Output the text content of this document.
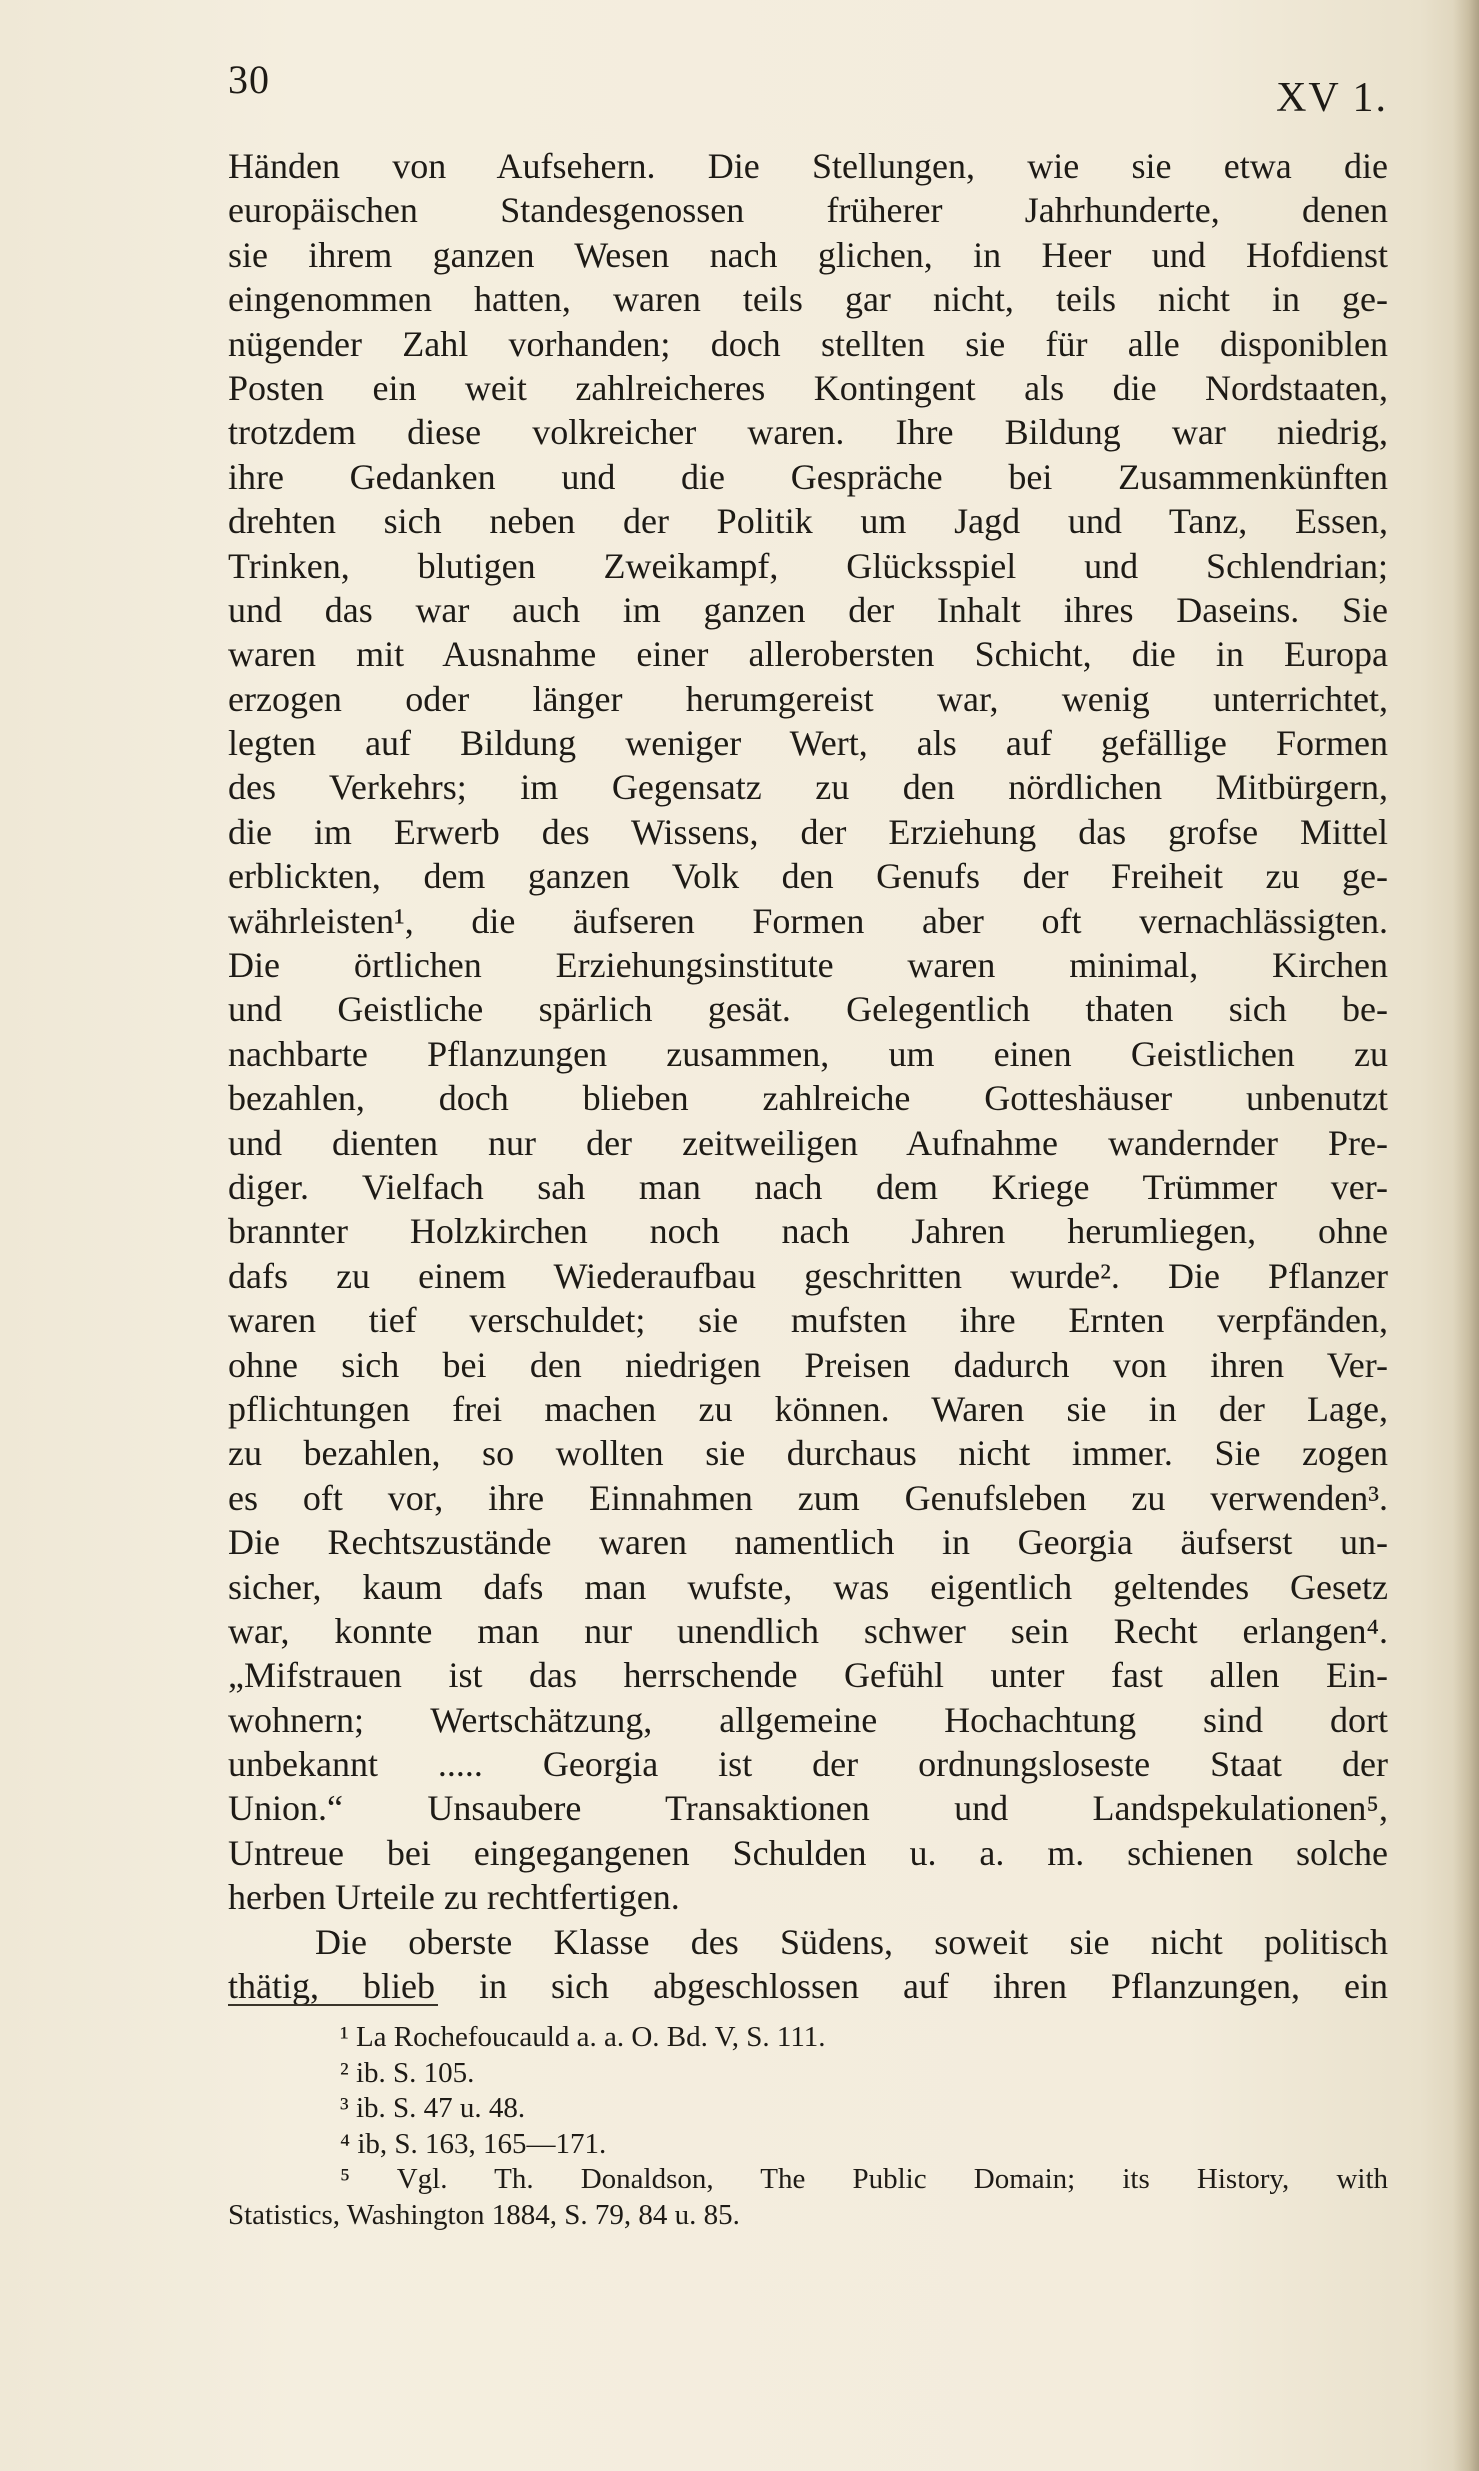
30	XV 1.
Händen von Aufsehern. Die Stellungen, wie sie etwa die
europäischen Standesgenossen früherer Jahrhunderte, denen
sie ihrem ganzen Wesen nach glichen, in Heer und Hofdienst
eingenommen hatten, waren teils gar nicht, teils nicht in ge-
nügender Zahl vorhanden; doch stellten sie für alle disponiblen
Posten ein weit zahlreicheres Kontingent als die Nordstaaten,
trotzdem diese volkreicher waren. Ihre Bildung war niedrig,
ihre Gedanken und die Gespräche bei Zusammenkünften
drehten sich neben der Politik um Jagd und Tanz, Essen,
Trinken, blutigen Zweikampf, Glücksspiel und Schlendrian;
und das war auch im ganzen der Inhalt ihres Daseins. Sie
waren mit Ausnahme einer allerobersten Schicht, die in Europa
erzogen oder länger herumgereist war, wenig unterrichtet,
legten auf Bildung weniger Wert, als auf gefällige Formen
des Verkehrs; im Gegensatz zu den nördlichen Mitbürgern,
die im Erwerb des Wissens, der Erziehung das grofse Mittel
erblickten, dem ganzen Volk den Genufs der Freiheit zu ge-
währleisten¹, die äufseren Formen aber oft vernachlässigten.
Die örtlichen Erziehungsinstitute waren minimal, Kirchen
und Geistliche spärlich gesät. Gelegentlich thaten sich be-
nachbarte Pflanzungen zusammen, um einen Geistlichen zu
bezahlen, doch blieben zahlreiche Gotteshäuser unbenutzt
und dienten nur der zeitweiligen Aufnahme wandernder Pre-
diger. Vielfach sah man nach dem Kriege Trümmer ver-
brannter Holzkirchen noch nach Jahren herumliegen, ohne
dafs zu einem Wiederaufbau geschritten wurde². Die Pflanzer
waren tief verschuldet; sie mufsten ihre Ernten verpfänden,
ohne sich bei den niedrigen Preisen dadurch von ihren Ver-
pflichtungen frei machen zu können. Waren sie in der Lage,
zu bezahlen, so wollten sie durchaus nicht immer. Sie zogen
es oft vor, ihre Einnahmen zum Genufsleben zu verwenden³.
Die Rechtszustände waren namentlich in Georgia äufserst un-
sicher, kaum dafs man wufste, was eigentlich geltendes Gesetz
war, konnte man nur unendlich schwer sein Recht erlangen⁴.
„Mifstrauen ist das herrschende Gefühl unter fast allen Ein-
wohnern; Wertschätzung, allgemeine Hochachtung sind dort
unbekannt ..... Georgia ist der ordnungsloseste Staat der
Union.“ Unsaubere Transaktionen und Landspekulationen⁵,
Untreue bei eingegangenen Schulden u. a. m. schienen solche
herben Urteile zu rechtfertigen.
Die oberste Klasse des Südens, soweit sie nicht politisch
thätig, blieb in sich abgeschlossen auf ihren Pflanzungen, ein
¹ La Rochefoucauld a. a. O. Bd. V, S. 111.
² ib. S. 105.
³ ib. S. 47 u. 48.
⁴ ib, S. 163, 165—171.
⁵ Vgl. Th. Donaldson, The Public Domain; its History, with
Statistics, Washington 1884, S. 79, 84 u. 85.
